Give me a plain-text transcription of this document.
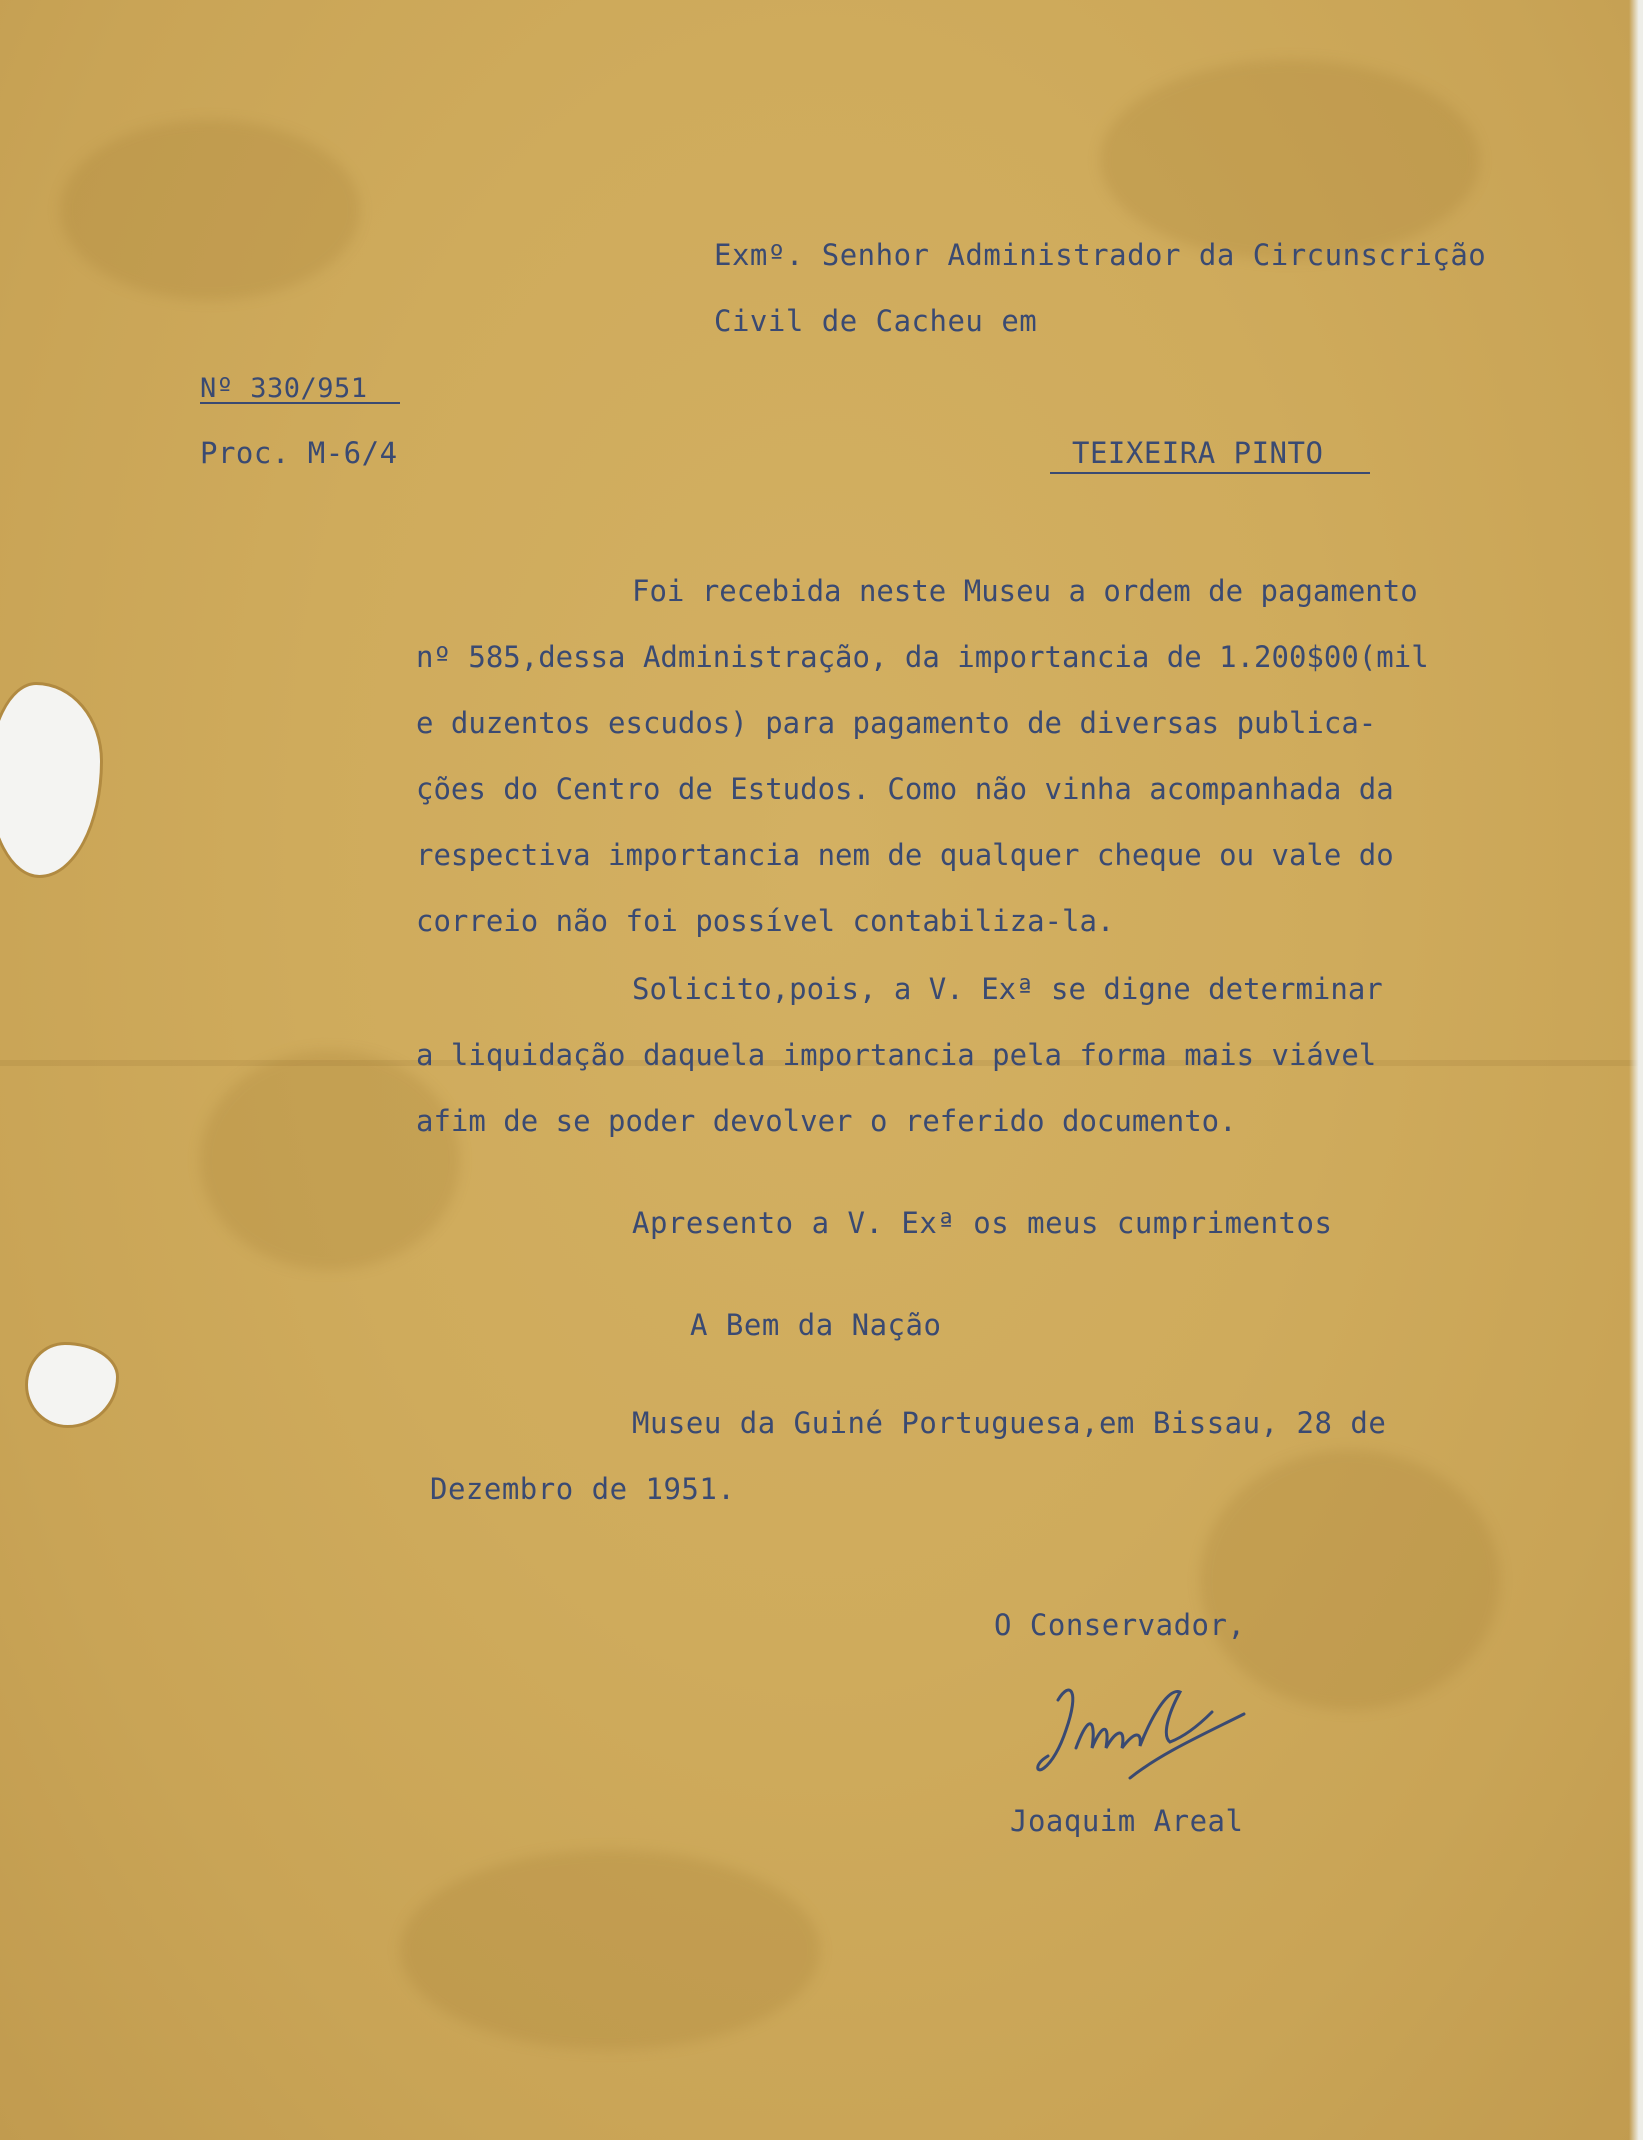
Exmº. Senhor Administrador da Circunscrição

Civil de Cacheu em

Nº 330/951

Proc. M-6/4	TEIXEIRA PINTO

Foi recebida neste Museu a ordem de pagamento
nº 585,dessa Administração, da importancia de 1.200$00(mil
e duzentos escudos) para pagamento de diversas publica-
ções do Centro de Estudos. Como não vinha acompanhada da
respectiva importancia nem de qualquer cheque ou vale do
correio não foi possível contabiliza-la.
Solicito,pois, a V. Exª se digne determinar
a liquidação daquela importancia pela forma mais viável
afim de se poder devolver o referido documento.

Apresento a V. Exª os meus cumprimentos

A Bem da Nação

Museu da Guiné Portuguesa,em Bissau, 28 de

Dezembro de 1951.

O Conservador,

Joaquim Areal
